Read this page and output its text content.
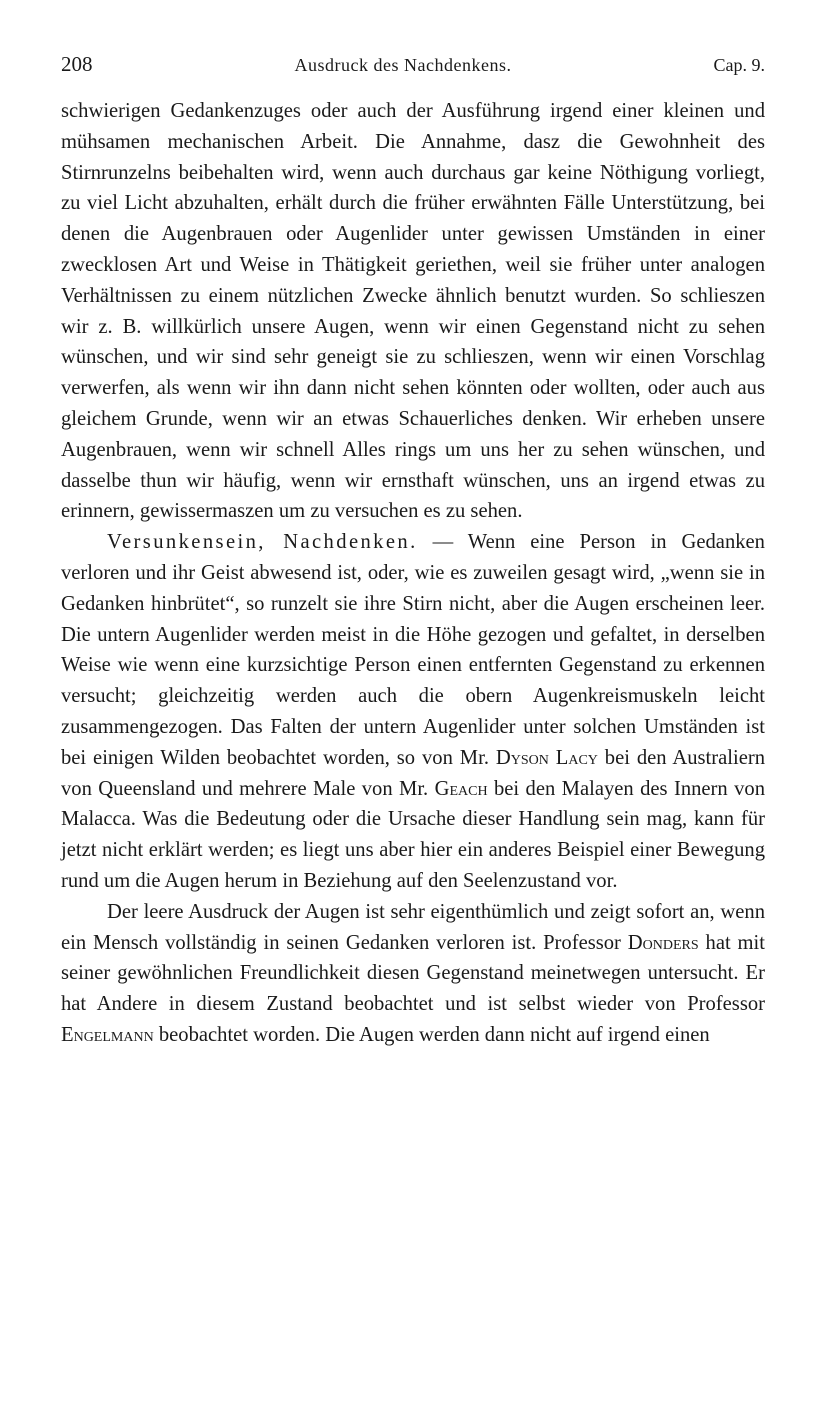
208	Ausdruck des Nachdenkens.	Cap. 9.

schwierigen Gedankenzuges oder auch der Ausführung irgend einer kleinen und mühsamen mechanischen Arbeit. Die Annahme, dasz die Gewohnheit des Stirnrunzelns beibehalten wird, wenn auch durchaus gar keine Nöthigung vorliegt, zu viel Licht abzuhalten, erhält durch die früher erwähnten Fälle Unterstützung, bei denen die Augenbrauen oder Augenlider unter gewissen Umständen in einer zwecklosen Art und Weise in Thätigkeit geriethen, weil sie früher unter analogen Verhältnissen zu einem nützlichen Zwecke ähnlich benutzt wurden. So schlieszen wir z. B. willkürlich unsere Augen, wenn wir einen Gegenstand nicht zu sehen wünschen, und wir sind sehr geneigt sie zu schlieszen, wenn wir einen Vorschlag verwerfen, als wenn wir ihn dann nicht sehen könnten oder wollten, oder auch aus gleichem Grunde, wenn wir an etwas Schauerliches denken. Wir erheben unsere Augenbrauen, wenn wir schnell Alles rings um uns her zu sehen wünschen, und dasselbe thun wir häufig, wenn wir ernsthaft wünschen, uns an irgend etwas zu erinnern, gewissermaszen um zu versuchen es zu sehen.

Versunkensein, Nachdenken. — Wenn eine Person in Gedanken verloren und ihr Geist abwesend ist, oder, wie es zuweilen gesagt wird, „wenn sie in Gedanken hinbrütet“, so runzelt sie ihre Stirn nicht, aber die Augen erscheinen leer. Die untern Augenlider werden meist in die Höhe gezogen und gefaltet, in derselben Weise wie wenn eine kurzsichtige Person einen entfernten Gegenstand zu erkennen versucht; gleichzeitig werden auch die obern Augenkreismuskeln leicht zusammengezogen. Das Falten der untern Augenlider unter solchen Umständen ist bei einigen Wilden beobachtet worden, so von Mr. Dyson Lacy bei den Australiern von Queensland und mehrere Male von Mr. Geach bei den Malayen des Innern von Malacca. Was die Bedeutung oder die Ursache dieser Handlung sein mag, kann für jetzt nicht erklärt werden; es liegt uns aber hier ein anderes Beispiel einer Bewegung rund um die Augen herum in Beziehung auf den Seelenzustand vor.

Der leere Ausdruck der Augen ist sehr eigenthümlich und zeigt sofort an, wenn ein Mensch vollständig in seinen Gedanken verloren ist. Professor Donders hat mit seiner gewöhnlichen Freundlichkeit diesen Gegenstand meinetwegen untersucht. Er hat Andere in diesem Zustand beobachtet und ist selbst wieder von Professor Engelmann beobachtet worden. Die Augen werden dann nicht auf irgend einen
